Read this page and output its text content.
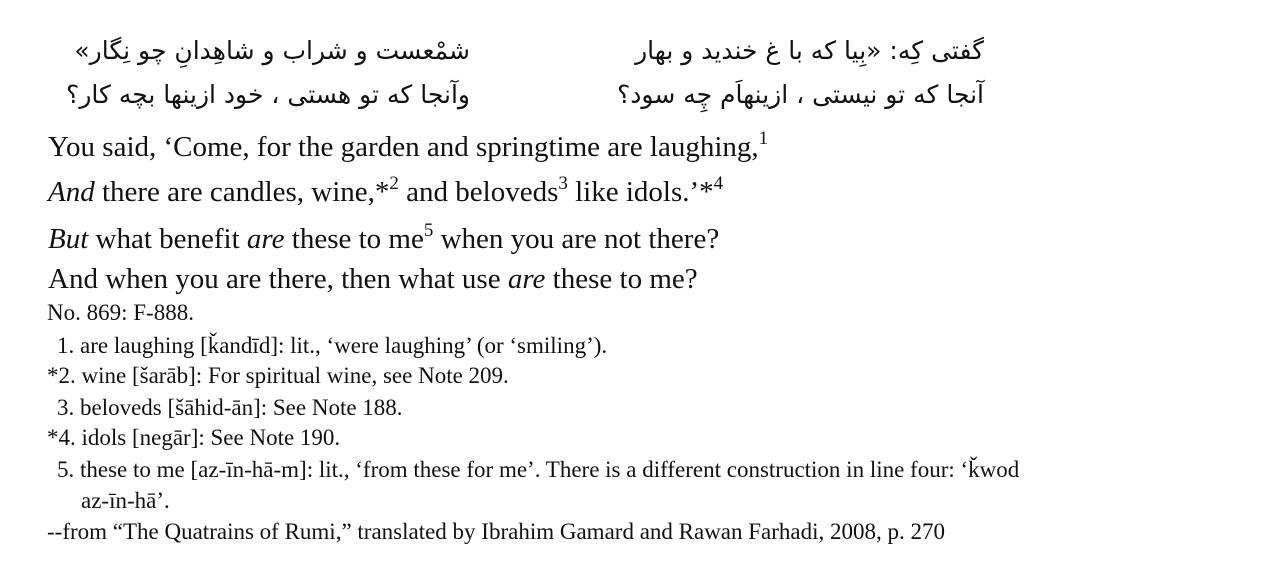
گفتی کِه: «بِیا که با غ خندید و بهار
شمْعست و شراب و شاهِدانِ چو نِگار»
آنجا که تو نیستی ، ازینهاَم چِه سود؟
وآنجا که تو هستی ، خود ازینها بچه کار؟
You said, ‘Come, for the garden and springtime are laughing,$^1$
And there are candles, wine,*$^2$ and beloveds$^3$ like idols.’*$^4$
But what benefit are these to $me^5$ when you are not there?
And when you are there, then what use are these to me?
No. 869: F-888.
1. are laughing [ǩandīd]: lit., ‘were laughing’ (or ‘smiling’).
*2. wine [šarāb]: For spiritual wine, see Note 209.
3. beloveds [šāhid-ān]: See Note 188.
*4. idols [negār]: See Note 190.
5. these to me [az-īn-hā-m]: lit., ‘from these for me’. There is a different construction in line four: ‘ǩwod
az-īn-hā’.
--from “The Quatrains of Rumi,” translated by Ibrahim Gamard and Rawan Farhadi, 2008, p. 270
